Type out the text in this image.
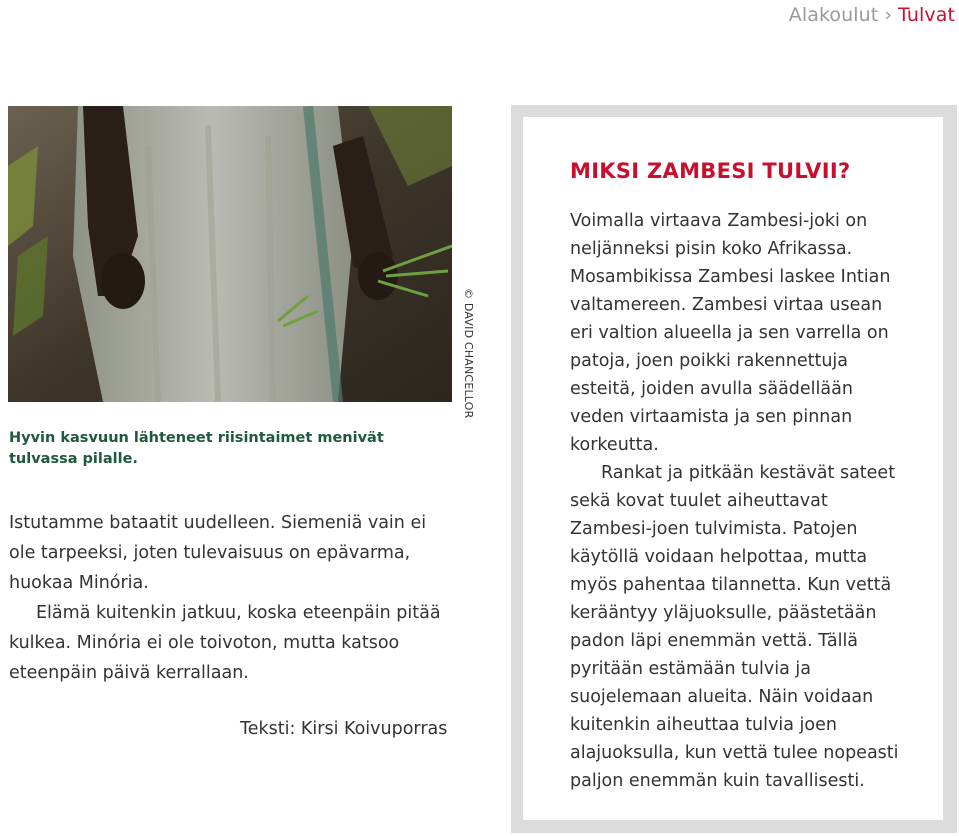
Alakoulut › Tulvat
© DAVID CHANCELLOR
Hyvin kasvuun lähteneet riisintaimet menivät tulvassa pilalle.

Istutamme bataatit uudelleen. Siemeniä vain ei ole tarpeeksi, joten tulevaisuus on epävarma, huokaa Minória.

Elämä kuitenkin jatkuu, koska eteenpäin pitää kulkea. Minória ei ole toivoton, mutta katsoo eteenpäin päivä kerrallaan.

Teksti: Kirsi Koivuporras
MIKSI ZAMBESI TULVII?

Voimalla virtaava Zambesi-joki on neljänneksi pisin koko Afrikassa. Mosambikissa Zambesi laskee Intian valtamereen. Zambesi virtaa usean eri valtion alueella ja sen varrella on patoja, joen poikki rakennettuja esteitä, joiden avulla säädellään veden virtaamista ja sen pinnan korkeutta.

Rankat ja pitkään kestävät sateet sekä kovat tuulet aiheuttavat Zambesi-joen tulvimista. Patojen käytöllä voidaan helpottaa, mutta myös pahentaa tilannetta. Kun vettä kerääntyy yläjuoksulle, päästetään padon läpi enemmän vettä. Tällä pyritään estämään tulvia ja suojelemaan alueita. Näin voidaan kuitenkin aiheuttaa tulvia joen alajuoksulla, kun vettä tulee nopeasti paljon enemmän kuin tavallisesti.
